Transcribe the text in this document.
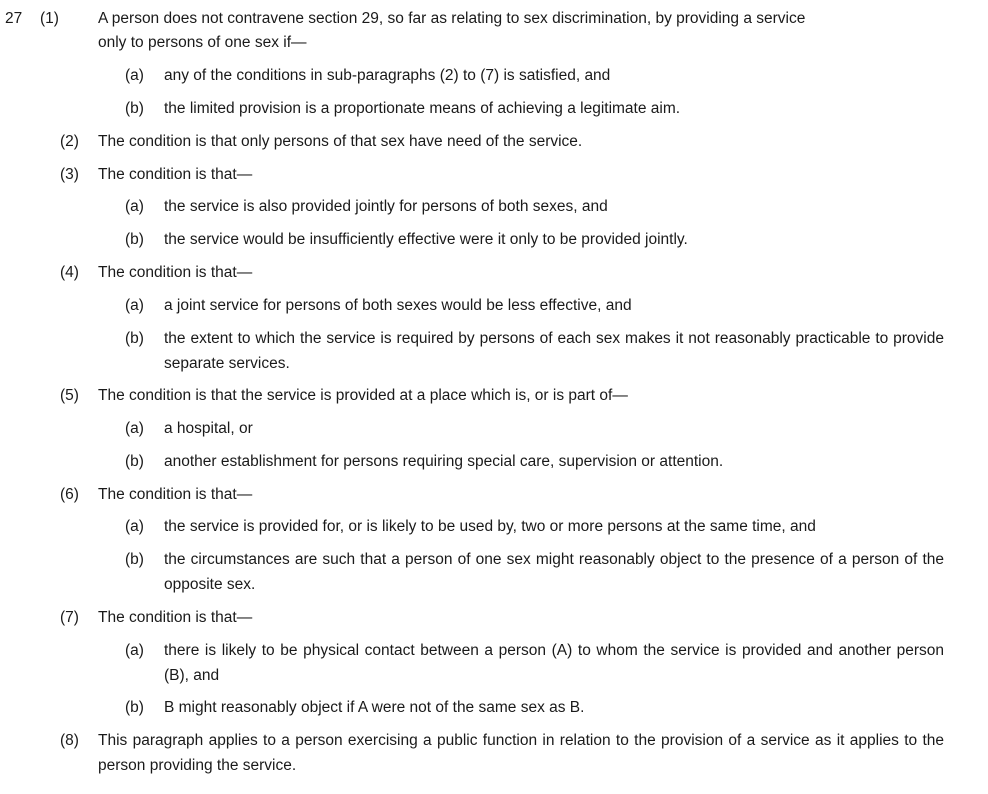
27 (1)	A person does not contravene section 29, so far as relating to sex discrimination, by providing a service
only to persons of one sex if—
(a) any of the conditions in sub-paragraphs (2) to (7) is satisfied, and
(b) the limited provision is a proportionate means of achieving a legitimate aim.
(2) The condition is that only persons of that sex have need of the service.
(3) The condition is that—
(a) the service is also provided jointly for persons of both sexes, and
(b) the service would be insufficiently effective were it only to be provided jointly.
(4) The condition is that—
(a) a joint service for persons of both sexes would be less effective, and
(b) the extent to which the service is required by persons of each sex makes it not reasonably practicable to provide separate services.
(5) The condition is that the service is provided at a place which is, or is part of—
(a) a hospital, or
(b) another establishment for persons requiring special care, supervision or attention.
(6) The condition is that—
(a) the service is provided for, or is likely to be used by, two or more persons at the same time, and
(b) the circumstances are such that a person of one sex might reasonably object to the presence of a person of the opposite sex.
(7) The condition is that—
(a) there is likely to be physical contact between a person (A) to whom the service is provided and another person (B), and
(b) B might reasonably object if A were not of the same sex as B.
(8) This paragraph applies to a person exercising a public function in relation to the provision of a service as it applies to the person providing the service.
